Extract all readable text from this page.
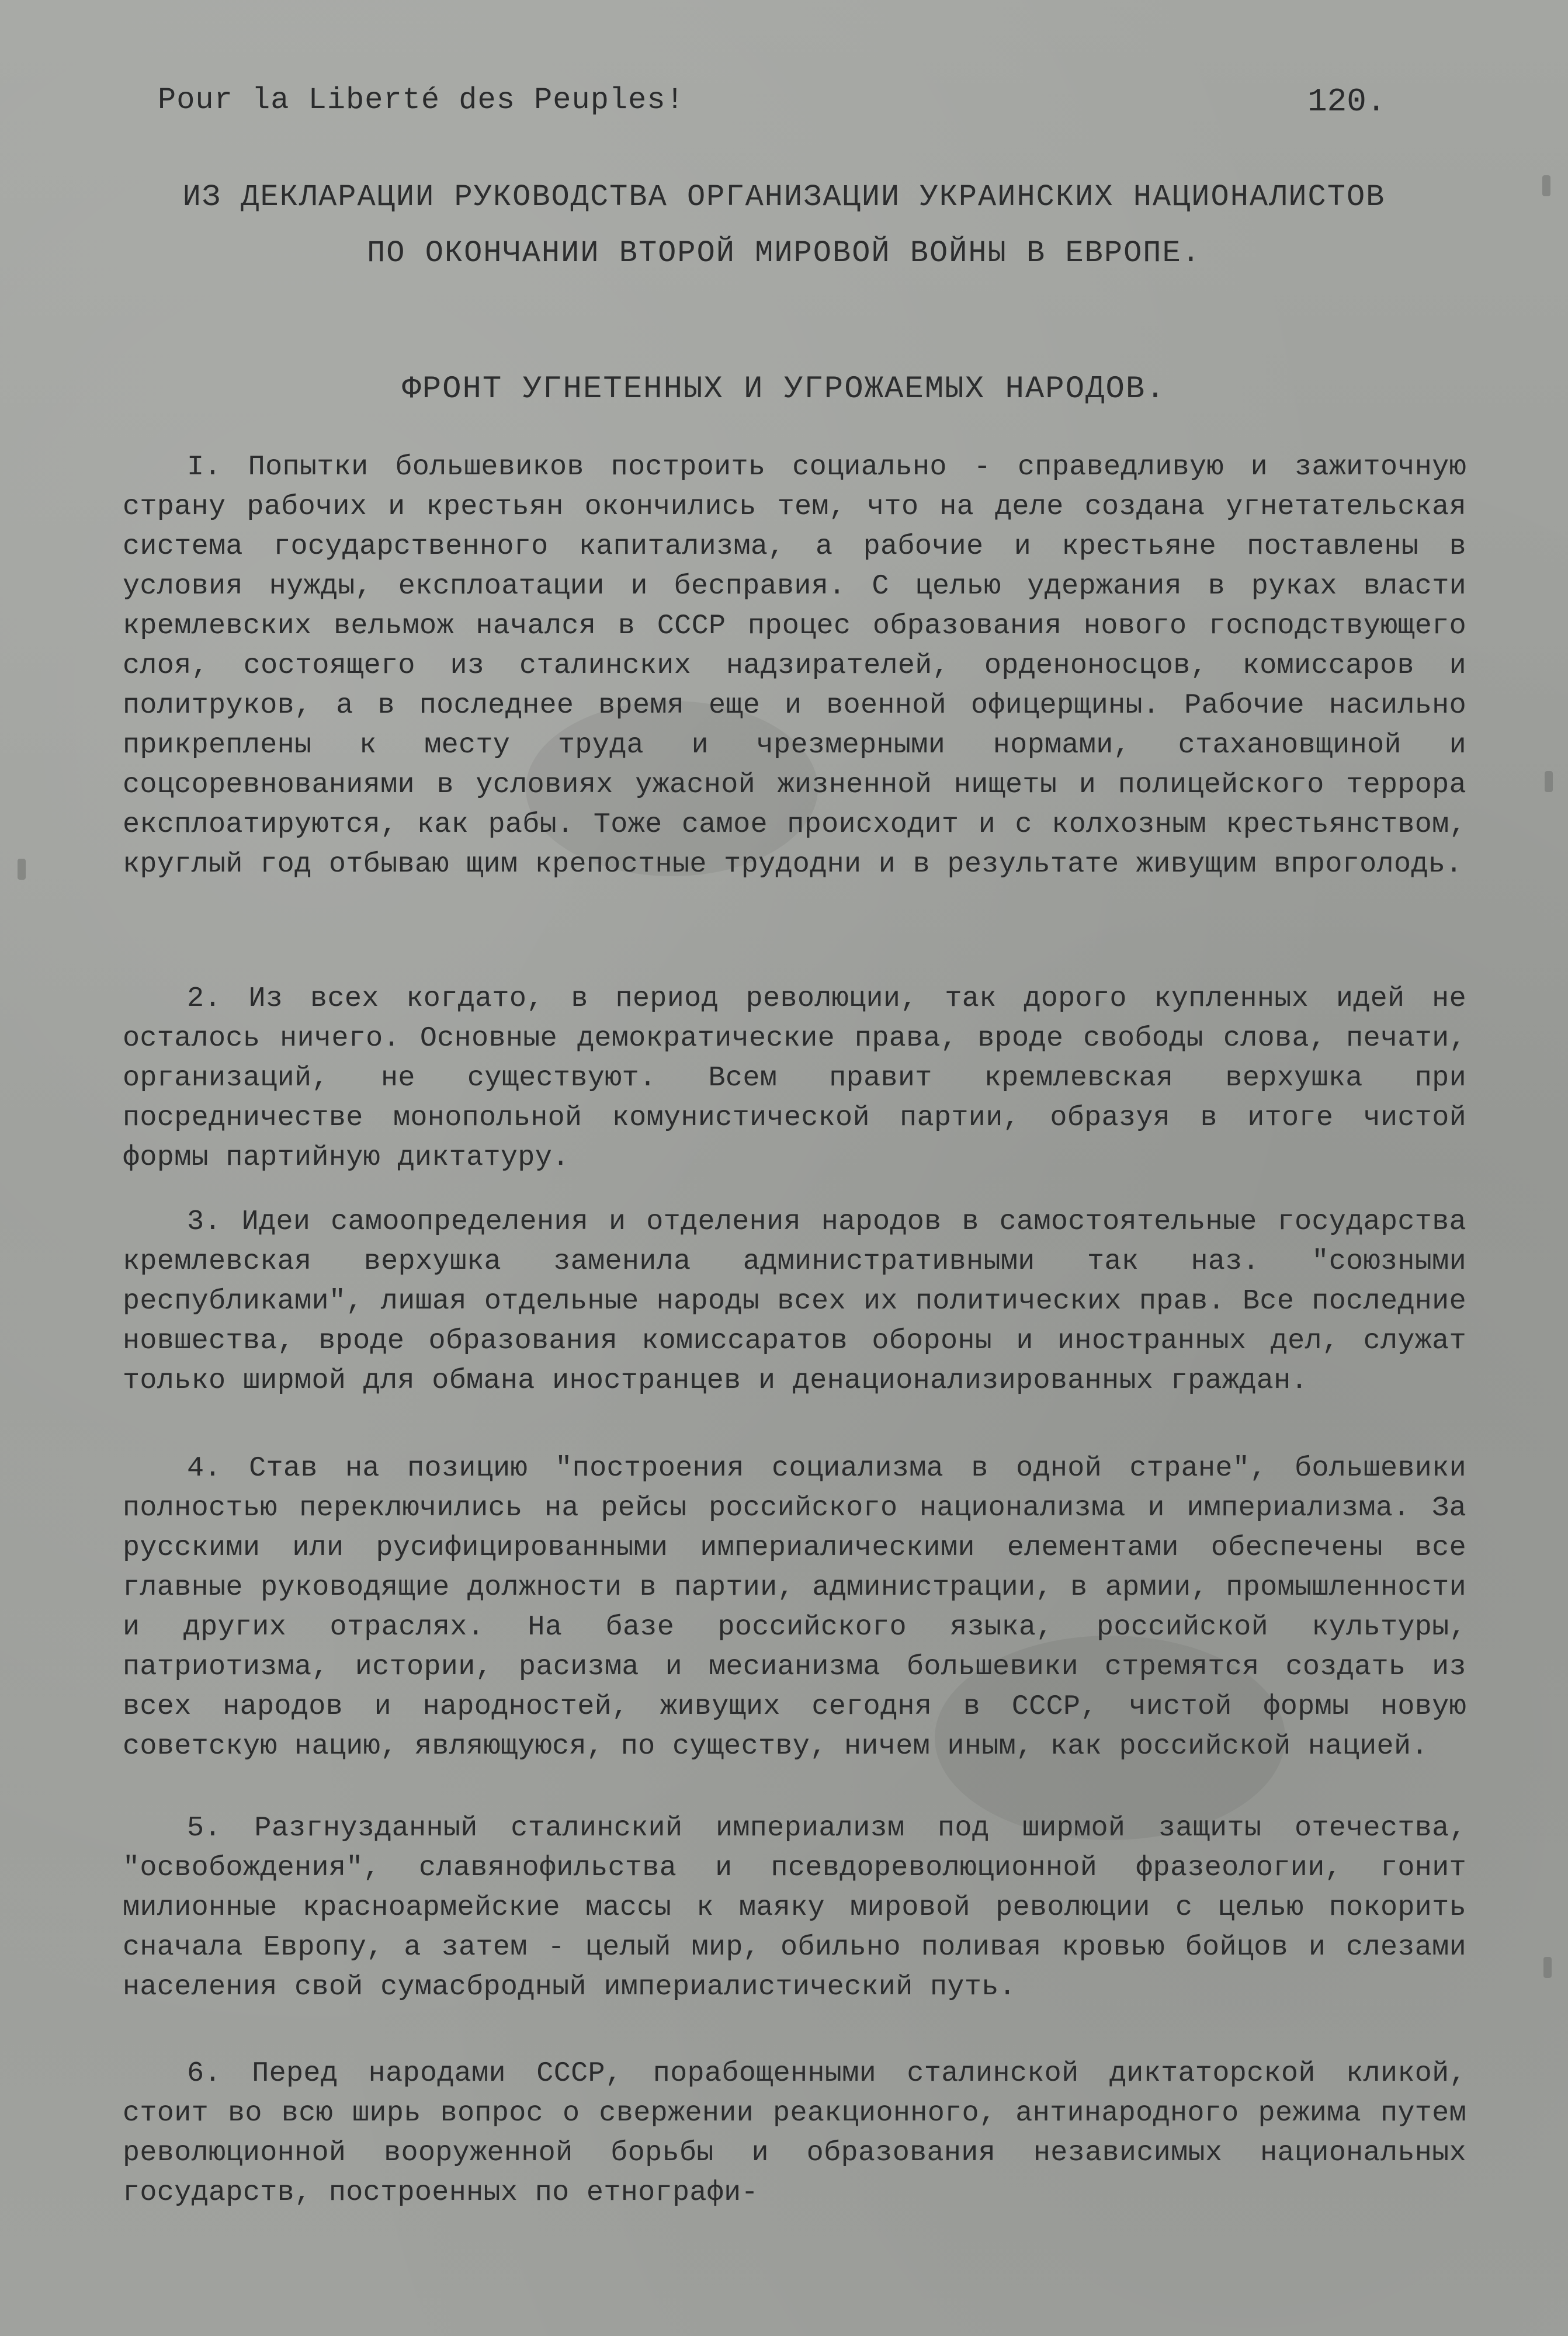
Pour la Liberté des Peuples!	120.
ИЗ ДЕКЛАРАЦИИ РУКОВОДСТВА ОРГАНИЗАЦИИ УКРАИНСКИХ НАЦИОНАЛИСТОВ
ПО ОКОНЧАНИИ ВТОРОЙ МИРОВОЙ ВОЙНЫ В ЕВРОПЕ.
ФРОНТ УГНЕТЕННЫХ И УГРОЖАЕМЫХ НАРОДОВ.

I. Попытки большевиков построить социально - справедливую и зажиточную страну рабочих и крестьян окончились тем, что на деле создана угнетательская система государственного капитализма, а рабочие и крестьяне поставлены в условия нужды, експлоатации и бесправия. С целью удержания в руках власти кремлевских вельмож начался в СССР процес образования нового господствующего слоя, состоящего из сталинских надзирателей, орденоносцов, комиссаров и политруков, а в последнее время еще и военной офицерщины. Рабочие насильно прикреплены к месту труда и чрезмерными нормами, стахановщиной и соцсоревнованиями в условиях ужасной жизненной нищеты и полицейского террора експлоатируются, как рабы. Тоже самое происходит и с колхозным крестьянством, круглый год отбываю щим крепостные трудодни и в результате живущим впроголодь.

2. Из всех когдато, в период революции, так дорого купленных идей не осталось ничего. Основные демократические права, вроде свободы слова, печати, организаций, не существуют. Всем правит кремлевская верхушка при посредничестве монопольной комунистической партии, образуя в итоге чистой формы партийную диктатуру.

3. Идеи самоопределения и отделения народов в самостоятельные государства кремлевская верхушка заменила административными так наз. "союзными республиками", лишая отдельные народы всех их политических прав. Все последние новшества, вроде образования комиссаратов обороны и иностранных дел, служат только ширмой для обмана иностранцев и денационализированных граждан.

4. Став на позицию "построения социализма в одной стране", большевики полностью переключились на рейсы российского национализма и империализма. За русскими или русифицированными империалическими елементами обеспечены все главные руководящие должности в партии, администрации, в армии, промышленности и других отраслях. На базе российского языка, российской культуры, патриотизма, истории, расизма и месианизма большевики стремятся создать из всех народов и народностей, живущих сегодня в СССР, чистой формы новую советскую нацию, являющуюся, по существу, ничем иным, как российской нацией.

5. Разгнузданный сталинский империализм под ширмой защиты отечества, "освобождения", славянофильства и псевдореволюционной фразеологии, гонит милионные красноармейские массы к маяку мировой революции с целью покорить сначала Европу, а затем - целый мир, обильно поливая кровью бойцов и слезами населения свой сумасбродный империалистический путь.

6. Перед народами СССР, порабощенными сталинской диктаторской кликой, стоит во всю ширь вопрос о свержении реакционного, антинародного режима путем революционной вооруженной борьбы и образования независимых национальных государств, построенных по етнографи-
